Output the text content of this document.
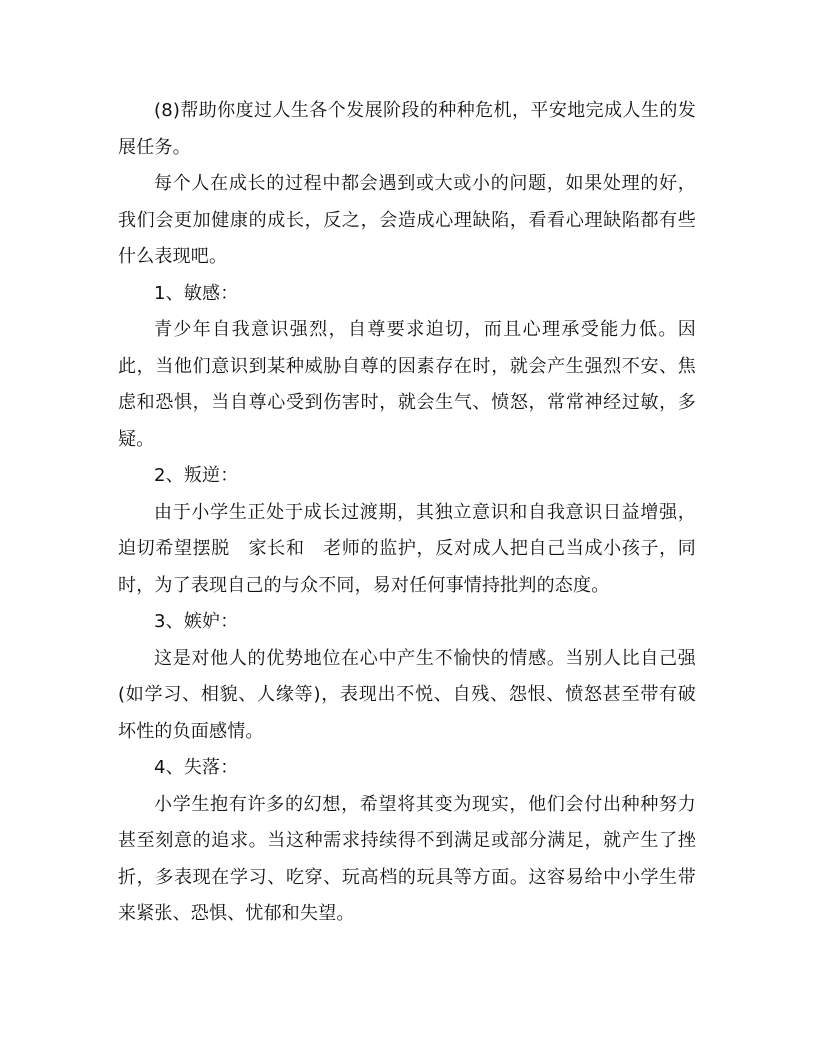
(8)帮助你度过人生各个发展阶段的种种危机，平安地完成人生的发展任务。

每个人在成长的过程中都会遇到或大或小的问题，如果处理的好，我们会更加健康的成长，反之，会造成心理缺陷，看看心理缺陷都有些什么表现吧。

1、敏感：

青少年自我意识强烈，自尊要求迫切，而且心理承受能力低。因此，当他们意识到某种威胁自尊的因素存在时，就会产生强烈不安、焦虑和恐惧，当自尊心受到伤害时，就会生气、愤怒，常常神经过敏，多疑。

2、叛逆：

由于小学生正处于成长过渡期，其独立意识和自我意识日益增强，迫切希望摆脱　家长和　老师的监护，反对成人把自己当成小孩子，同时，为了表现自己的与众不同，易对任何事情持批判的态度。

3、嫉妒：

这是对他人的优势地位在心中产生不愉快的情感。当别人比自己强(如学习、相貌、人缘等)，表现出不悦、自残、怨恨、愤怒甚至带有破坏性的负面感情。

4、失落：

小学生抱有许多的幻想，希望将其变为现实，他们会付出种种努力甚至刻意的追求。当这种需求持续得不到满足或部分满足，就产生了挫折，多表现在学习、吃穿、玩高档的玩具等方面。这容易给中小学生带来紧张、恐惧、忧郁和失望。
